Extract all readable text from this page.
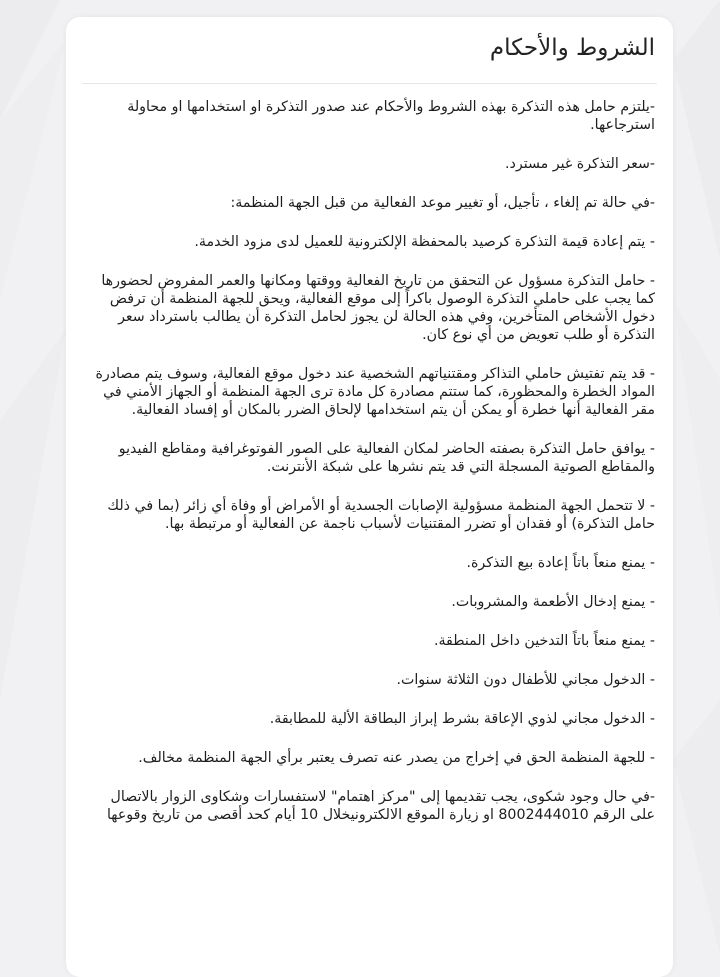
الشروط والأحكام
-يلتزم حامل هذه التذكرة بهذه الشروط والأحكام عند صدور التذكرة او استخدامها او محاولة استرجاعها.
-سعر التذكرة غير مسترد.
-في حالة تم إلغاء ، تأجيل، أو تغيير موعد الفعالية من قبل الجهة المنظمة:
- يتم إعادة قيمة التذكرة كرصيد بالمحفظة الإلكترونية للعميل لدى مزود الخدمة.
- حامل التذكرة مسؤول عن التحقق من تاريخ الفعالية ووقتها ومكانها والعمر المفروض لحضورها كما يجب على حاملي التذكرة الوصول باكراً إلى موقع الفعالية، ويحق للجهة المنظمة أن ترفض دخول الأشخاص المتأخرين، وفي هذه الحالة لن يجوز لحامل التذكرة أن يطالب باسترداد سعر التذكرة أو طلب تعويض من أي نوع كان.
- قد يتم تفتيش حاملي التذاكر ومقتنياتهم الشخصية عند دخول موقع الفعالية، وسوف يتم مصادرة المواد الخطرة والمحظورة، كما ستتم مصادرة كل مادة ترى الجهة المنظمة أو الجهاز الأمني في مقر الفعالية أنها خطرة أو يمكن أن يتم استخدامها لإلحاق الضرر بالمكان أو إفساد الفعالية.
- يوافق حامل التذكرة بصفته الحاضر لمكان الفعالية على الصور الفوتوغرافية ومقاطع الفيديو والمقاطع الصوتية المسجلة التي قد يتم نشرها على شبكة الأنترنت.
- لا تتحمل الجهة المنظمة مسؤولية الإصابات الجسدية أو الأمراض أو وفاة أي زائر (بما في ذلك حامل التذكرة) أو فقدان أو تضرر المقتنيات لأسباب ناجمة عن الفعالية أو مرتبطة بها.
- يمنع منعاً باتاً إعادة بيع التذكرة.
- يمنع إدخال الأطعمة والمشروبات.
- يمنع منعاً باتاً التدخين داخل المنطقة.
- الدخول مجاني للأطفال دون الثلاثة سنوات.
- الدخول مجاني لذوي الإعاقة بشرط إبراز البطاقة الألية للمطابقة.
- للجهة المنظمة الحق في إخراج من يصدر عنه تصرف يعتبر برأي الجهة المنظمة مخالف.
-في حال وجود شكوى، يجب تقديمها إلى "مركز اهتمام" لاستفسارات وشكاوى الزوار بالاتصال على الرقم 8002444010 او زيارة الموقع الالكترونيخلال 10 أيام كحد أقصى من تاريخ وقوعها
